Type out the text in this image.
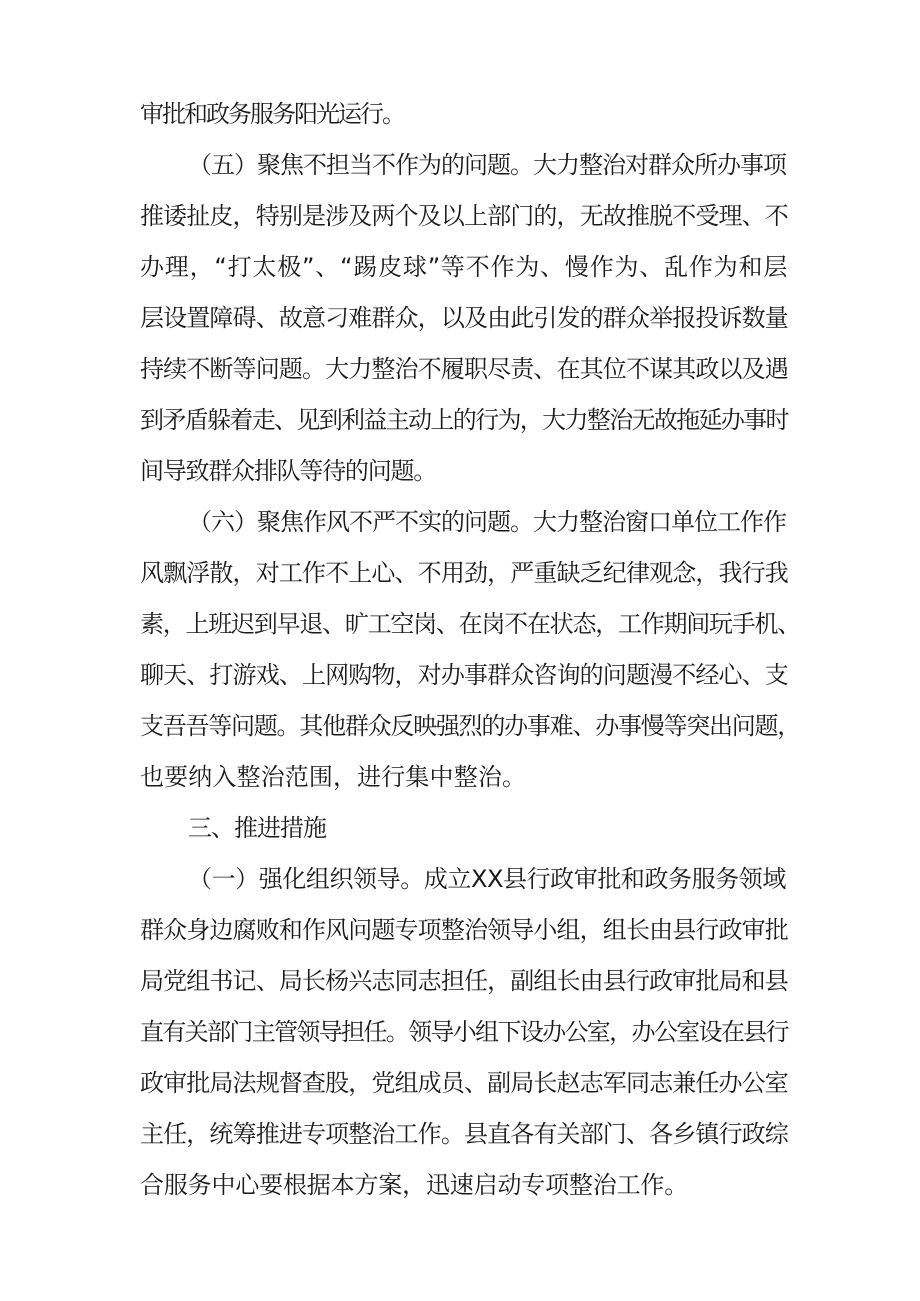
审批和政务服务阳光运行。
（五）聚焦不担当不作为的问题。大力整治对群众所办事项
推诿扯皮，特别是涉及两个及以上部门的，无故推脱不受理、不
办理，“打太极”、“踢皮球”等不作为、慢作为、乱作为和层
层设置障碍、故意刁难群众，以及由此引发的群众举报投诉数量
持续不断等问题。大力整治不履职尽责、在其位不谋其政以及遇
到矛盾躲着走、见到利益主动上的行为，大力整治无故拖延办事时
间导致群众排队等待的问题。
（六）聚焦作风不严不实的问题。大力整治窗口单位工作作
风飘浮散，对工作不上心、不用劲，严重缺乏纪律观念，我行我
素，上班迟到早退、旷工空岗、在岗不在状态，工作期间玩手机、
聊天、打游戏、上网购物，对办事群众咨询的问题漫不经心、支
支吾吾等问题。其他群众反映强烈的办事难、办事慢等突出问题，
也要纳入整治范围，进行集中整治。
三、推进措施
（一）强化组织领导。成立XX县行政审批和政务服务领域
群众身边腐败和作风问题专项整治领导小组，组长由县行政审批
局党组书记、局长杨兴志同志担任，副组长由县行政审批局和县
直有关部门主管领导担任。领导小组下设办公室，办公室设在县行
政审批局法规督查股，党组成员、副局长赵志军同志兼任办公室
主任，统筹推进专项整治工作。县直各有关部门、各乡镇行政综
合服务中心要根据本方案，迅速启动专项整治工作。
